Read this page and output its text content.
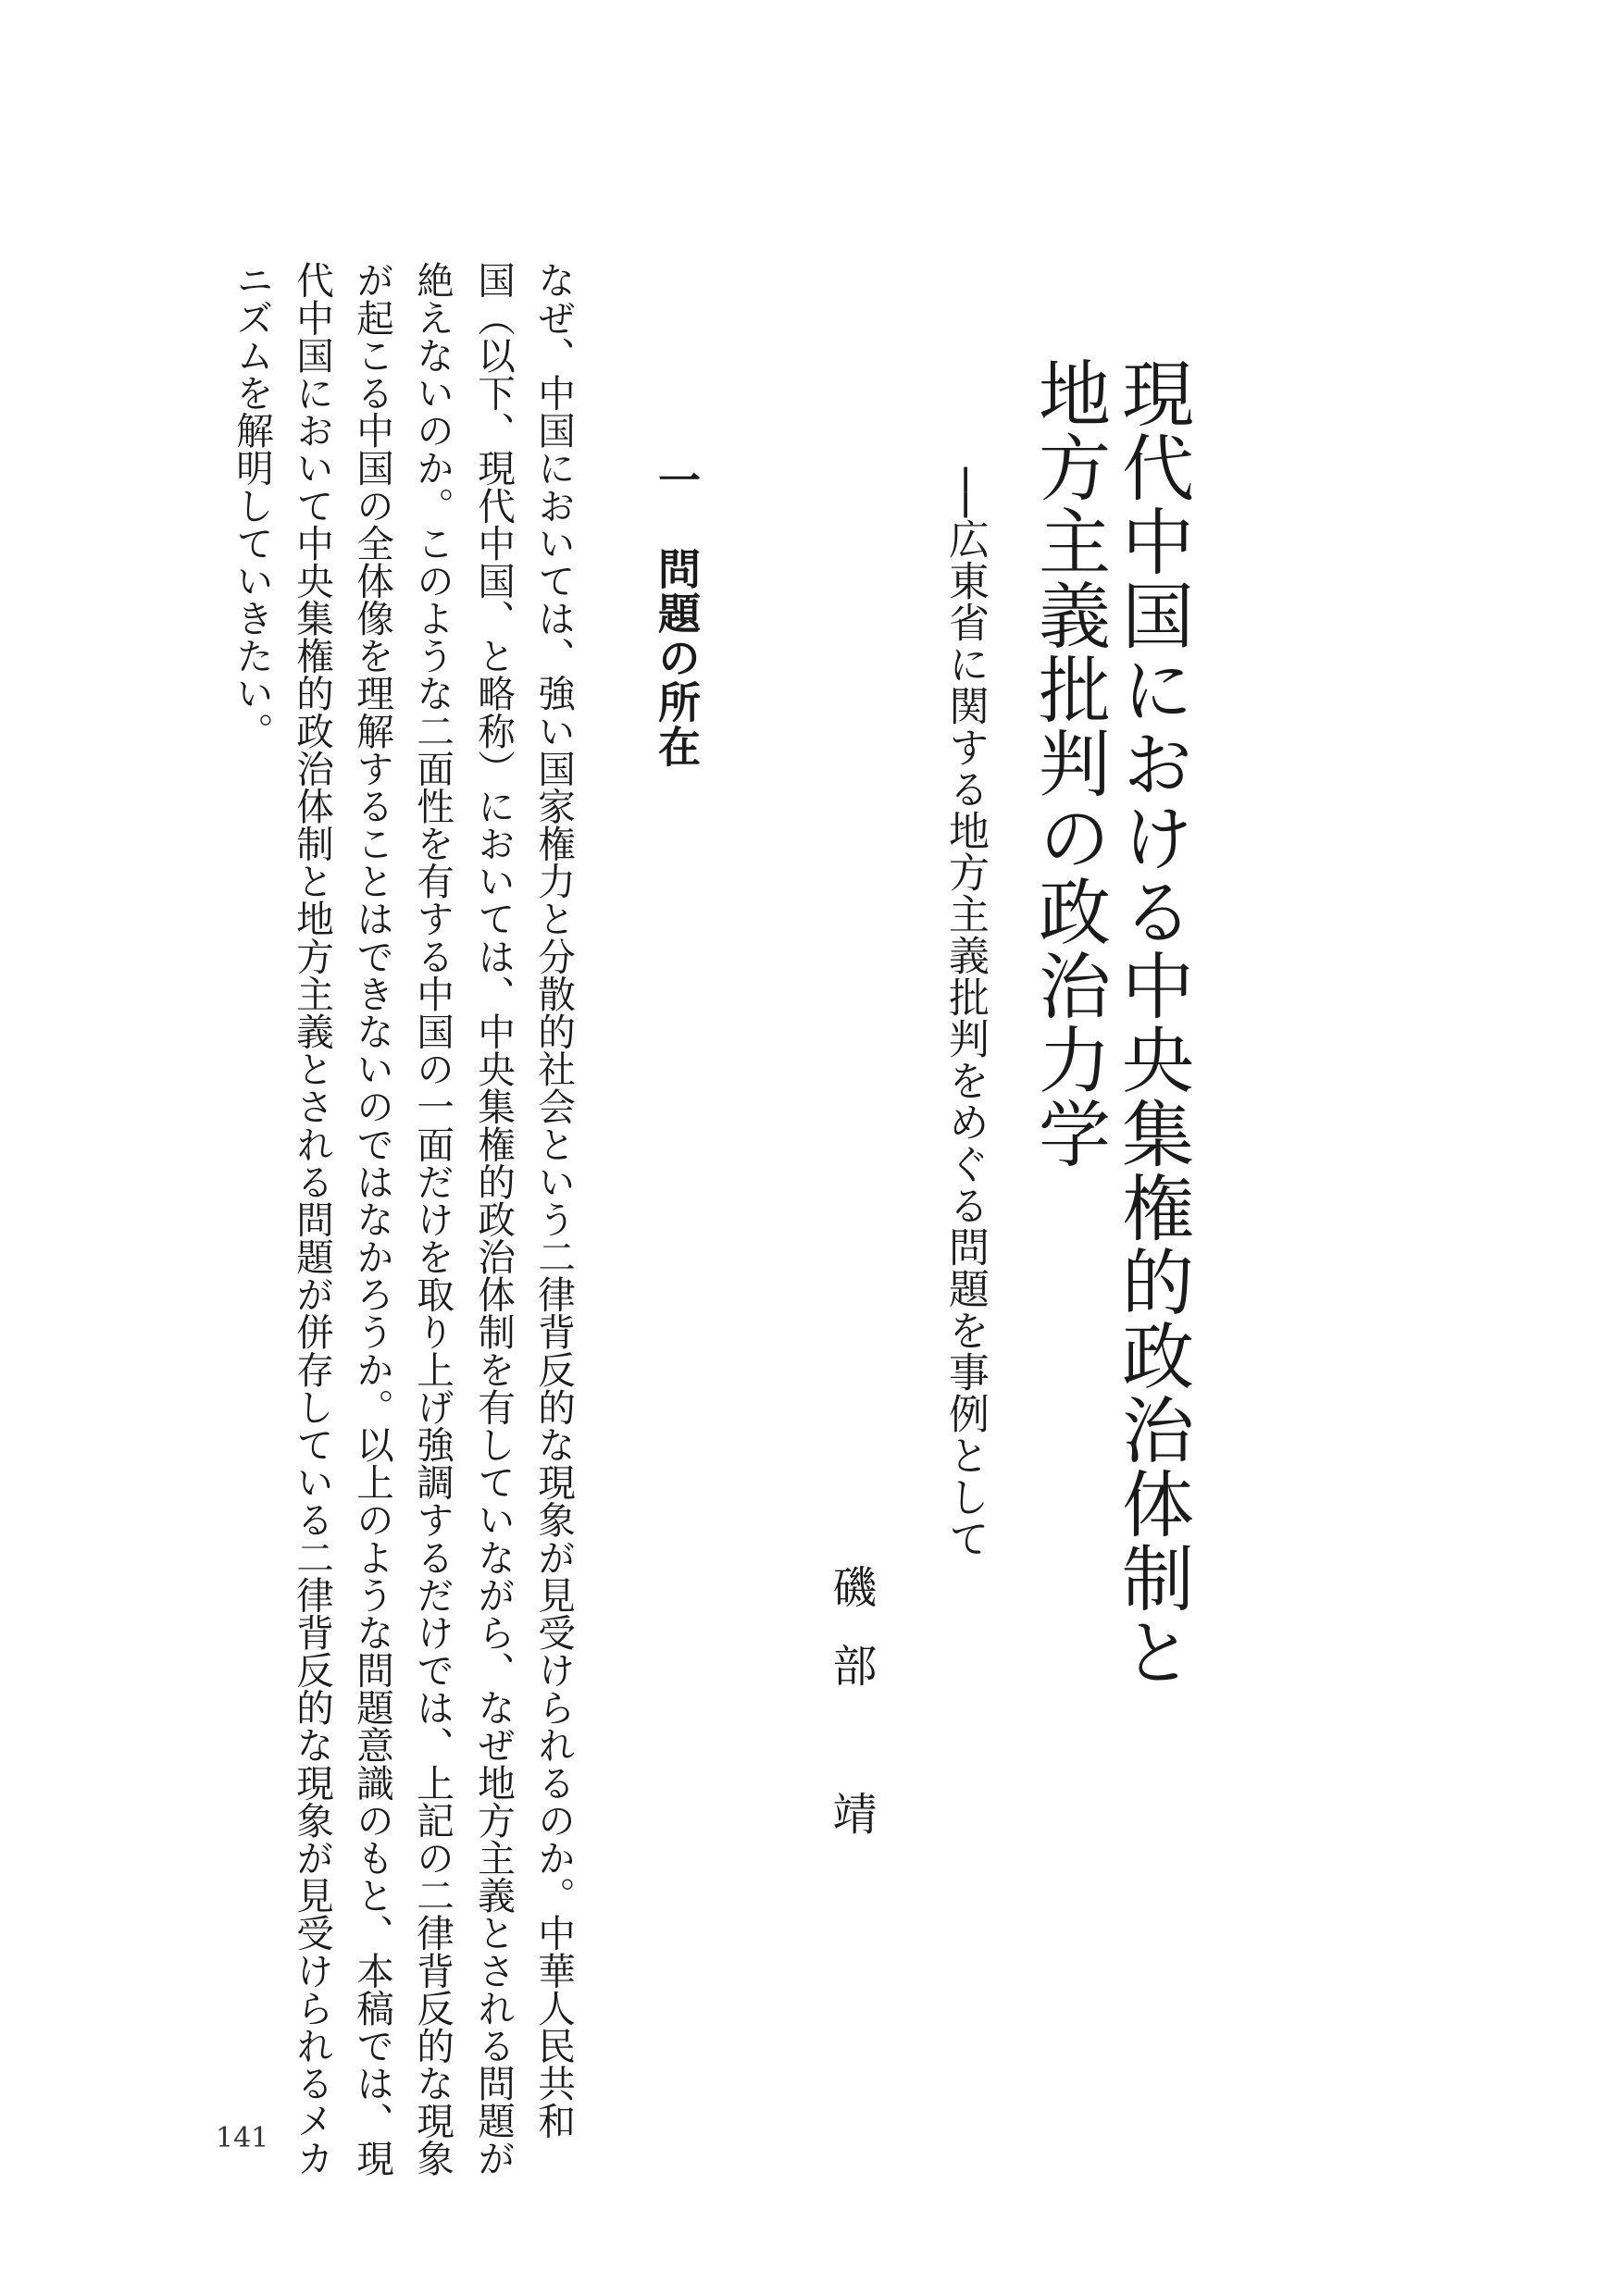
現代中国における中央集権的政治体制と
地方主義批判の政治力学
──広東省に関する地方主義批判をめぐる問題を事例として
磯
部
靖
一　問題の所在
なぜ、中国においては、強い国家権力と分散的社会という二律背反的な現象が見受けられるのか。中華人民共和
国（以下、現代中国、と略称）においては、中央集権的政治体制を有していながら、なぜ地方主義とされる問題が
絶えないのか。このような二面性を有する中国の一面だけを取り上げ強調するだけでは、上記の二律背反的な現象
が起こる中国の全体像を理解することはできないのではなかろうか。以上のような問題意識のもと、本稿では、現
代中国において中央集権的政治体制と地方主義とされる問題が併存している二律背反的な現象が見受けられるメカ
ニズムを解明していきたい。
141
